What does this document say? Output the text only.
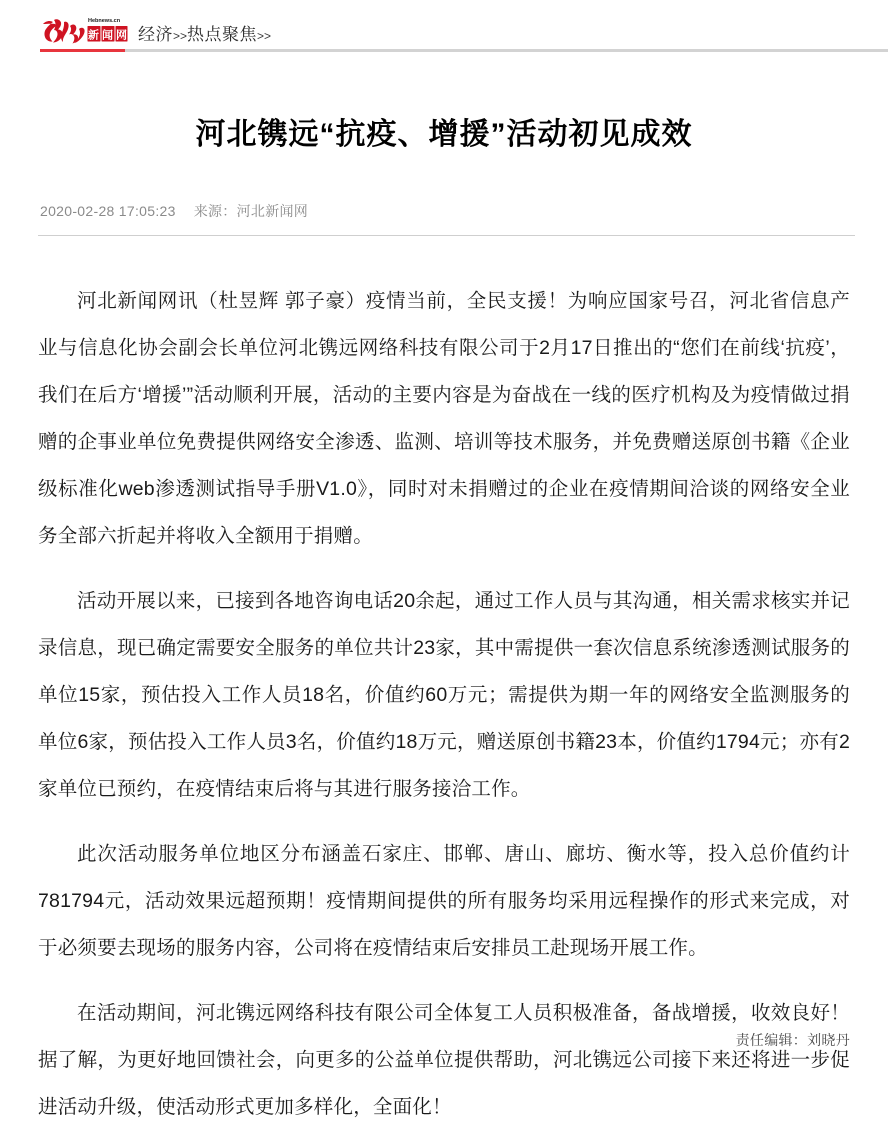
Hebnews.cn
新 闻 网 经济>>热点聚焦>>
河北镌远“抗疫、增援”活动初见成效
2020-02-28 17:05:23 来源：河北新闻网

河北新闻网讯（杜昱辉 郭子豪）疫情当前，全民支援！为响应国家号召，河北省信息产业与信息化协会副会长单位河北镌远网络科技有限公司于2月17日推出的“您们在前线‘抗疫’，我们在后方‘增援’”活动顺利开展，活动的主要内容是为奋战在一线的医疗机构及为疫情做过捐赠的企事业单位免费提供网络安全渗透、监测、培训等技术服务，并免费赠送原创书籍《企业级标准化web渗透测试指导手册V1.0》，同时对未捐赠过的企业在疫情期间洽谈的网络安全业务全部六折起并将收入全额用于捐赠。

活动开展以来，已接到各地咨询电话20余起，通过工作人员与其沟通，相关需求核实并记录信息，现已确定需要安全服务的单位共计23家，其中需提供一套次信息系统渗透测试服务的单位15家，预估投入工作人员18名，价值约60万元；需提供为期一年的网络安全监测服务的单位6家，预估投入工作人员3名，价值约18万元，赠送原创书籍23本，价值约1794元；亦有2家单位已预约，在疫情结束后将与其进行服务接洽工作。

此次活动服务单位地区分布涵盖石家庄、邯郸、唐山、廊坊、衡水等，投入总价值约计781794元，活动效果远超预期！疫情期间提供的所有服务均采用远程操作的形式来完成，对于必须要去现场的服务内容，公司将在疫情结束后安排员工赴现场开展工作。

在活动期间，河北镌远网络科技有限公司全体复工人员积极准备，备战增援，收效良好！据了解，为更好地回馈社会，向更多的公益单位提供帮助，河北镌远公司接下来还将进一步促进活动升级，使活动形式更加多样化，全面化！

责任编辑：刘晓丹
